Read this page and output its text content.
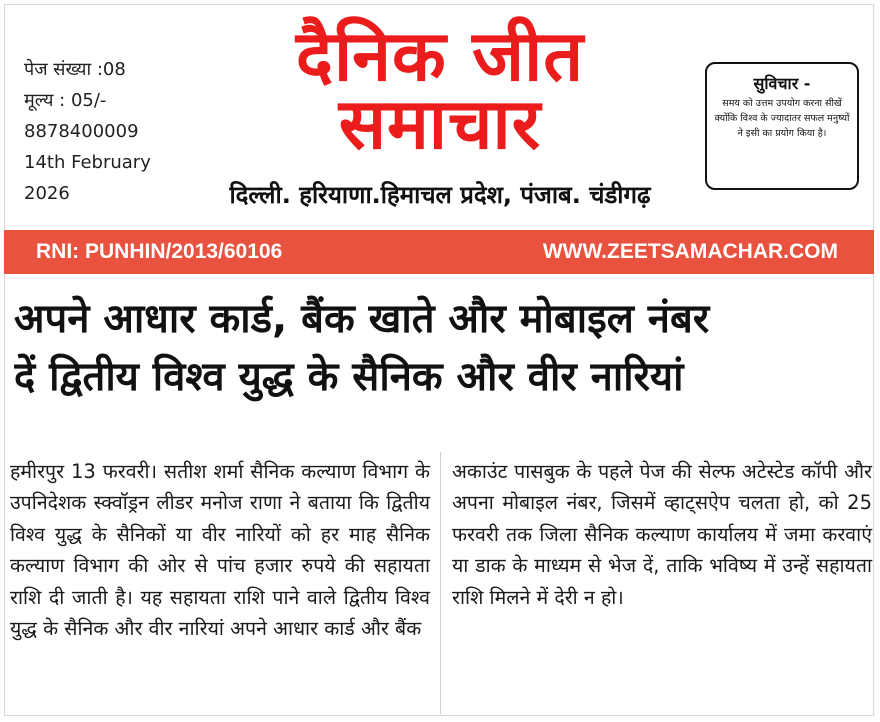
पेज संख्या :08
मूल्य : 05/-
8878400009
14th February
2026
दैनिक जीत
समाचार
दिल्ली. हरियाणा.हिमाचल प्रदेश, पंजाब. चंडीगढ़
सुविचार -
समय को उत्तम उपयोग करना सीखें क्योंकि विश्व के ज्यादातर सफल मनुष्यों ने इसी का प्रयोग किया है।
RNI: PUNHIN/2013/60106	WWW.ZEETSAMACHAR.COM
अपने आधार कार्ड, बैंक खाते और मोबाइल नंबर
दें द्वितीय विश्व युद्ध के सैनिक और वीर नारियां
हमीरपुर 13 फरवरी। सतीश शर्मा सैनिक कल्याण विभाग के उपनिदेशक स्क्वॉड्रन लीडर मनोज राणा ने बताया कि द्वितीय विश्व युद्ध के सैनिकों या वीर नारियों को हर माह सैनिक कल्याण विभाग की ओर से पांच हजार रुपये की सहायता राशि दी जाती है। यह सहायता राशि पाने वाले द्वितीय विश्व युद्ध के सैनिक और वीर नारियां अपने आधार कार्ड और बैंक
अकाउंट पासबुक के पहले पेज की सेल्फ अटेस्टेड कॉपी और अपना मोबाइल नंबर, जिसमें व्हाट्सऐप चलता हो, को 25 फरवरी तक जिला सैनिक कल्याण कार्यालय में जमा करवाएं या डाक के माध्यम से भेज दें, ताकि भविष्य में उन्हें सहायता राशि मिलने में देरी न हो।
